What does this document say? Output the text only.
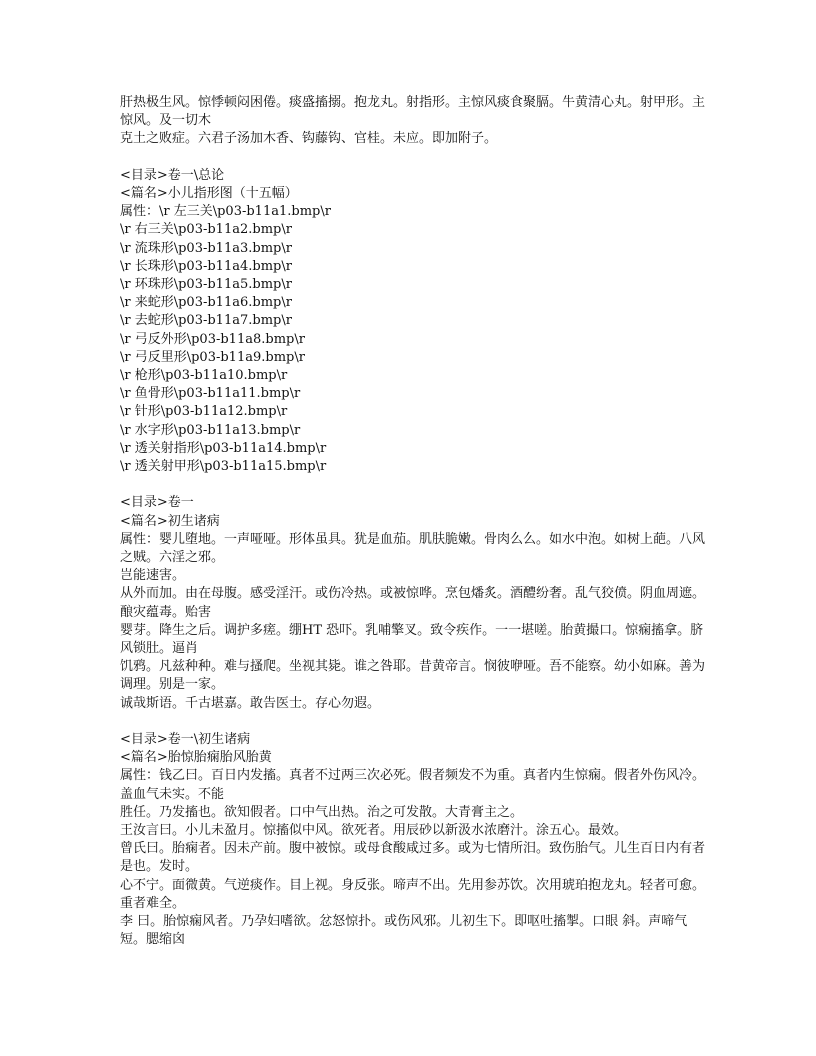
肝热极生风。惊悸顿闷困倦。痰盛搐搦。抱龙丸。射指形。主惊风痰食聚膈。牛黄清心丸。射甲形。主惊风。及一切木

克土之败症。六君子汤加木香、钩藤钩、官桂。未应。即加附子。

<目录>卷一\总论

<篇名>小儿指形图（十五幅）

属性：\r 左三关\p03-b11a1.bmp\r

\r 右三关\p03-b11a2.bmp\r

\r 流珠形\p03-b11a3.bmp\r

\r 长珠形\p03-b11a4.bmp\r

\r 环珠形\p03-b11a5.bmp\r

\r 来蛇形\p03-b11a6.bmp\r

\r 去蛇形\p03-b11a7.bmp\r

\r 弓反外形\p03-b11a8.bmp\r

\r 弓反里形\p03-b11a9.bmp\r

\r 枪形\p03-b11a10.bmp\r

\r 鱼骨形\p03-b11a11.bmp\r

\r 针形\p03-b11a12.bmp\r

\r 水字形\p03-b11a13.bmp\r

\r 透关射指形\p03-b11a14.bmp\r

\r 透关射甲形\p03-b11a15.bmp\r

<目录>卷一

<篇名>初生诸病

属性：婴儿堕地。一声哑哑。形体虽具。犹是血茄。肌肤脆嫩。骨肉么么。如水中泡。如树上葩。八风之贼。六淫之邪。

岂能速害。

从外而加。由在母腹。感受淫汗。或伤冷热。或被惊哗。烹包燔炙。酒醴纷奢。乱气狡偾。阴血周遮。酿灾蕴毒。贻害

婴芽。降生之后。调护多瘥。绷HT 恐吓。乳哺擎叉。致令疾作。一一堪嗟。胎黄撮口。惊痫搐拿。脐风锁肚。逼肖

饥鸦。凡兹种种。难与搔爬。坐视其毙。谁之咎耶。昔黄帝言。悯彼咿哑。吾不能察。幼小如麻。善为调理。别是一家。

诚哉斯语。千古堪嘉。敢告医士。存心勿遐。

<目录>卷一\初生诸病

<篇名>胎惊胎痫胎风胎黄

属性：钱乙曰。百日内发搐。真者不过两三次必死。假者频发不为重。真者内生惊痫。假者外伤风冷。盖血气未实。不能

胜任。乃发搐也。欲知假者。口中气出热。治之可发散。大青膏主之。

王汝言曰。小儿未盈月。惊搐似中风。欲死者。用辰砂以新汲水浓磨汁。涂五心。最效。

曾氏曰。胎痫者。因未产前。腹中被惊。或母食酸咸过多。或为七情所汨。致伤胎气。儿生百日内有者是也。发时。

心不宁。面微黄。气逆痰作。目上视。身反张。啼声不出。先用参苏饮。次用琥珀抱龙丸。轻者可愈。重者难全。

李 曰。胎惊痫风者。乃孕妇嗜欲。忿怒惊扑。或伤风邪。儿初生下。即呕吐搐掣。口眼 斜。声啼气短。腮缩囟
